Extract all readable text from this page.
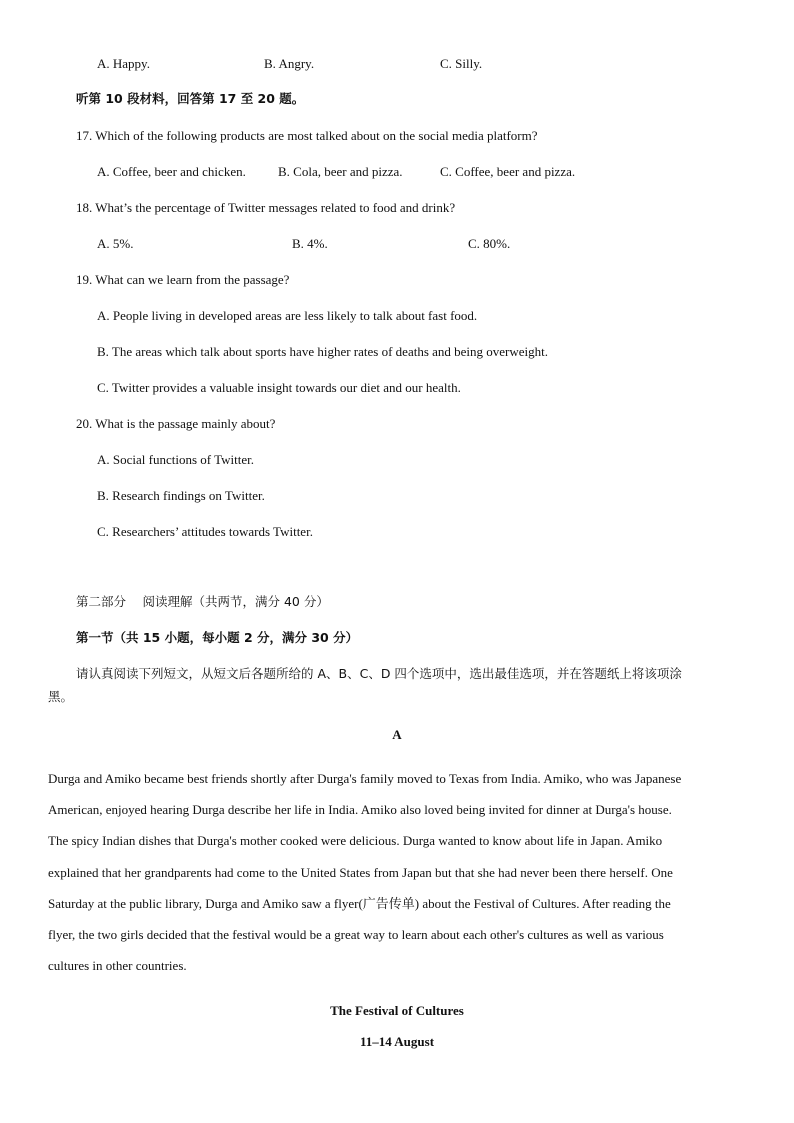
A. Happy.	B. Angry.	C. Silly.
听第 10 段材料，回答第 17 至 20 题。
17. Which of the following products are most talked about on the social media platform?
A. Coffee, beer and chicken. B. Cola, beer and pizza.	C. Coffee, beer and pizza.
18. What’s the percentage of Twitter messages related to food and drink?
A. 5%.	B. 4%.	C. 80%.
19. What can we learn from the passage?
A. People living in developed areas are less likely to talk about fast food.
B. The areas which talk about sports have higher rates of deaths and being overweight.
C. Twitter provides a valuable insight towards our diet and our health.
20. What is the passage mainly about?
A. Social functions of Twitter.
B. Research findings on Twitter.
C. Researchers’ attitudes towards Twitter.
第二部分　 阅读理解（共两节，满分 40 分）
第一节（共 15 小题，每小题 2 分，满分 30 分）
请认真阅读下列短文，从短文后各题所给的 A、B、C、D 四个选项中，选出最佳选项，并在答题纸上将该项涂
黑。
A
Durga and Amiko became best friends shortly after Durga's family moved to Texas from India. Amiko, who was Japanese
American, enjoyed hearing Durga describe her life in India. Amiko also loved being invited for dinner at Durga's house.
The spicy Indian dishes that Durga's mother cooked were delicious. Durga wanted to know about life in Japan. Amiko
explained that her grandparents had come to the United States from Japan but that she had never been there herself. One
Saturday at the public library, Durga and Amiko saw a flyer(广告传单) about the Festival of Cultures. After reading the
flyer, the two girls decided that the festival would be a great way to learn about each other's cultures as well as various
cultures in other countries.
The Festival of Cultures
11–14 August
